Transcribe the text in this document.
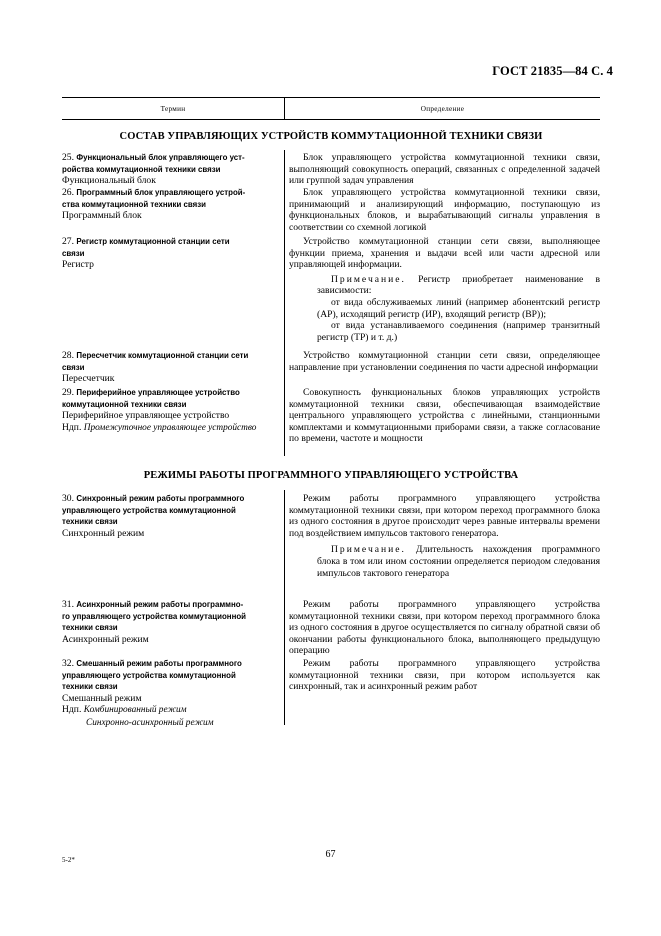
ГОСТ 21835—84 С. 4
Термин	Определение
СОСТАВ УПРАВЛЯЮЩИХ УСТРОЙСТВ КОММУТАЦИОННОЙ ТЕХНИКИ СВЯЗИ
25. Функциональный блок управляющего уст-
ройства коммутационной техники связи
Функциональный блок

Блок управляющего устройства коммутационной техники связи, выполняющий совокупность операций, связанных с определенной задачей или группой задач управления

26. Программный блок управляющего устрой-
ства коммутационной техники связи
Программный блок

Блок управляющего устройства коммутационной техники связи, принимающий и анализирующий информацию, поступающую из функциональных блоков, и вырабатывающий сигналы управления в соответствии со схемной логикой

27. Регистр коммутационной станции сети
связи
Регистр

Устройство коммутационной станции сети связи, выполняющее функции приема, хранения и выдачи всей или части адресной или управляющей информации.

Примечание. Регистр приобретает наименование в зависимости:

от вида обслуживаемых линий (например абонентский регистр (АР), исходящий регистр (ИР), входящий регистр (ВР));

от вида устанавливаемого соединения (например транзитный регистр (ТР) и т. д.)

28. Пересчетчик коммутационной станции сети
связи
Пересчетчик

Устройство коммутационной станции сети связи, определяющее направление при установлении соединения по части адресной информации

29. Периферийное управляющее устройство
коммутационной техники связи
Периферийное управляющее устройство
Ндп. Промежуточное управляющее устройство

Совокупность функциональных блоков управляющих устройств коммутационной техники связи, обеспечивающая взаимодействие центрального управляющего устройства с линейными, станционными комплектами и коммутационными приборами связи, а также согласование по времени, частоте и мощности

РЕЖИМЫ РАБОТЫ ПРОГРАММНОГО УПРАВЛЯЮЩЕГО УСТРОЙСТВА
30. Синхронный режим работы программного
управляющего устройства коммутационной
техники связи
Синхронный режим

Режим работы программного управляющего устройства коммутационной техники связи, при котором переход программного блока из одного состояния в другое происходит через равные интервалы времени под воздействием импульсов тактового генератора.

Примечание. Длительность нахождения программного блока в том или ином состоянии определяется периодом следования импульсов тактового генератора

31. Асинхронный режим работы программно-
го управляющего устройства коммутационной
техники связи
Асинхронный режим

Режим работы программного управляющего устройства коммутационной техники связи, при котором переход программного блока из одного состояния в другое осуществляется по сигналу обратной связи об окончании работы функционального блока, выполняющего предыдущую операцию

32. Смешанный режим работы программного
управляющего устройства коммутационной
техники связи
Смешанный режим
Ндп. Комбинированный режим
Синхронно-асинхронный режим

Режим работы программного управляющего устройства коммутационной техники связи, при котором используется как синхронный, так и асинхронный режим работ

5-2*	67
